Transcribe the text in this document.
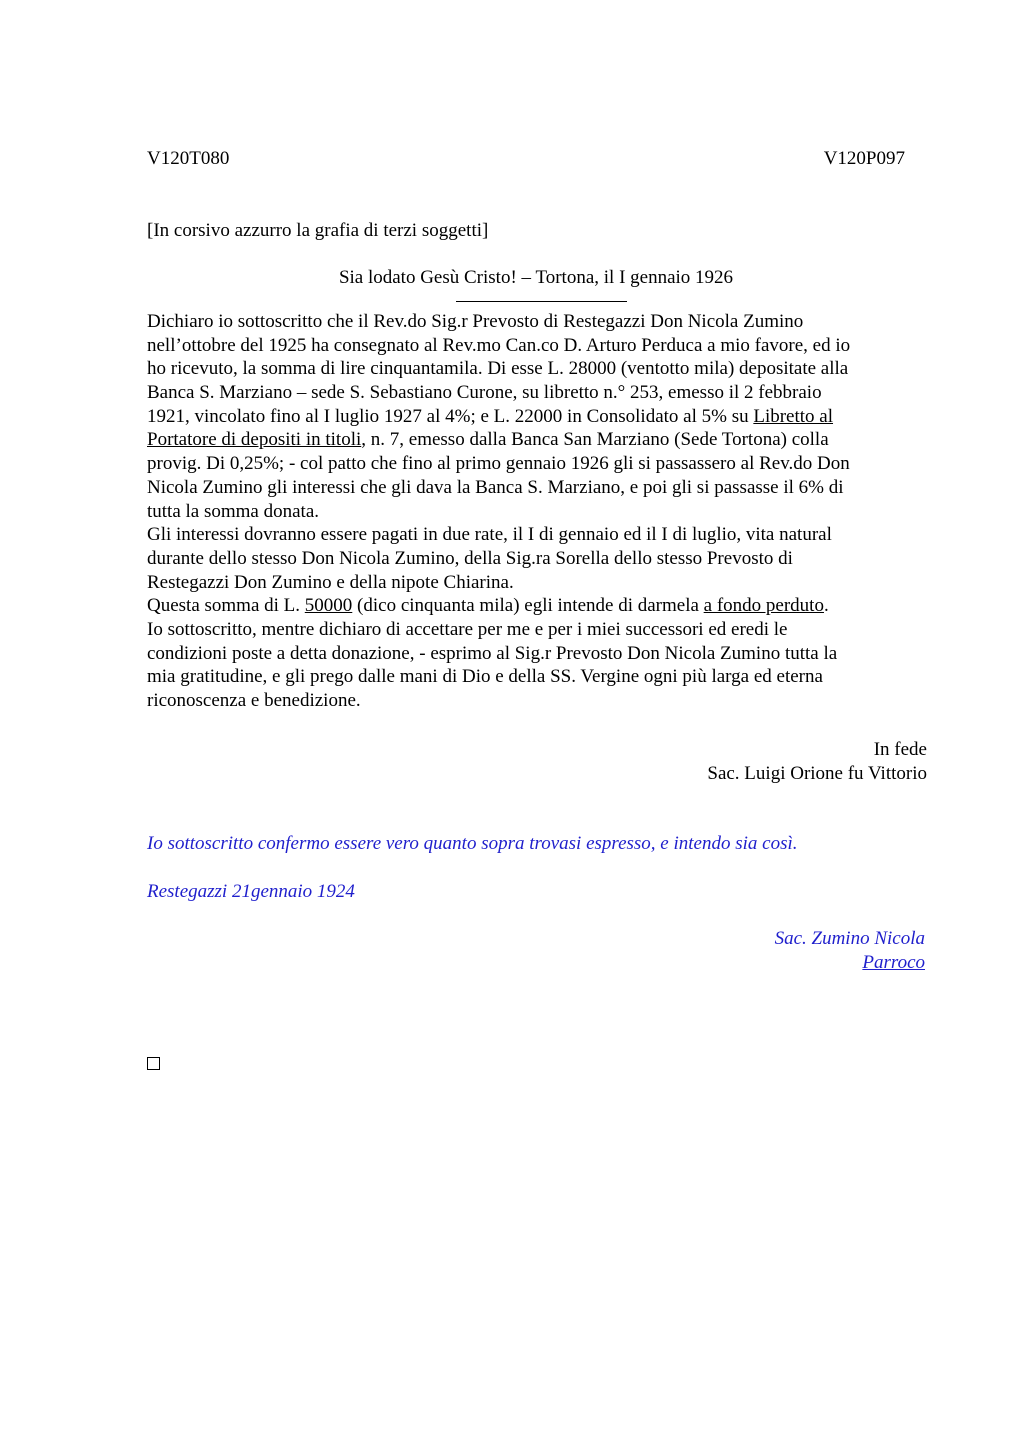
V120T080	V120P097
[In corsivo azzurro la grafia di terzi soggetti]
Sia lodato Gesù Cristo! – Tortona, il I gennaio 1926
Dichiaro io sottoscritto che il Rev.do Sig.r Prevosto di Restegazzi Don Nicola Zumino
nell’ottobre del 1925 ha consegnato al Rev.mo Can.co D. Arturo Perduca a mio favore, ed io
ho ricevuto, la somma di lire cinquantamila. Di esse L. 28000 (ventotto mila) depositate alla
Banca S. Marziano – sede S. Sebastiano Curone, su libretto n.° 253, emesso il 2 febbraio
1921, vincolato fino al I luglio 1927 al 4%; e L. 22000 in Consolidato al 5% su Libretto al
Portatore di depositi in titoli, n. 7, emesso dalla Banca San Marziano (Sede Tortona) colla
provig. Di 0,25%; - col patto che fino al primo gennaio 1926 gli si passassero al Rev.do Don
Nicola Zumino gli interessi che gli dava la Banca S. Marziano, e poi gli si passasse il 6% di
tutta la somma donata.
Gli interessi dovranno essere pagati in due rate, il I di gennaio ed il I di luglio, vita natural
durante dello stesso Don Nicola Zumino, della Sig.ra Sorella dello stesso Prevosto di
Restegazzi Don Zumino e della nipote Chiarina.
Questa somma di L. 50000 (dico cinquanta mila) egli intende di darmela a fondo perduto.
Io sottoscritto, mentre dichiaro di accettare per me e per i miei successori ed eredi le
condizioni poste a detta donazione, - esprimo al Sig.r Prevosto Don Nicola Zumino tutta la
mia gratitudine, e gli prego dalle mani di Dio e della SS. Vergine ogni più larga ed eterna
riconoscenza e benedizione.
In fede
Sac. Luigi Orione fu Vittorio
Io sottoscritto confermo essere vero quanto sopra trovasi espresso, e intendo sia così.
Restegazzi 21gennaio 1924
Sac. Zumino Nicola
Parroco
